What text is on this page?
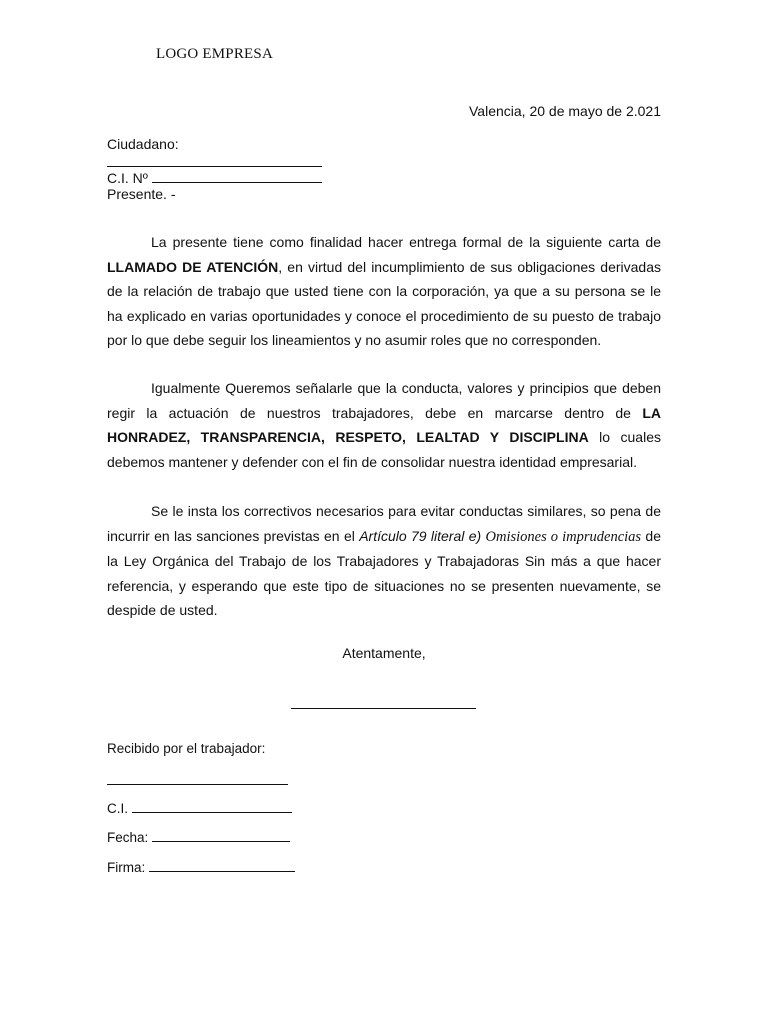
LOGO EMPRESA
Valencia, 20 de mayo de 2.021
Ciudadano:
C.I. Nº
Presente. -

La presente tiene como finalidad hacer entrega formal de la siguiente carta de LLAMADO DE ATENCIÓN, en virtud del incumplimiento de sus obligaciones derivadas de la relación de trabajo que usted tiene con la corporación, ya que a su persona se le ha explicado en varias oportunidades y conoce el procedimiento de su puesto de trabajo por lo que debe seguir los lineamientos y no asumir roles que no corresponden.

Igualmente Queremos señalarle que la conducta, valores y principios que deben regir la actuación de nuestros trabajadores, debe en marcarse dentro de LA HONRADEZ, TRANSPARENCIA, RESPETO, LEALTAD Y DISCIPLINA lo cuales debemos mantener y defender con el fin de consolidar nuestra identidad empresarial.

Se le insta los correctivos necesarios para evitar conductas similares, so pena de incurrir en las sanciones previstas en el Artículo 79 literal e) Omisiones o imprudencias de la Ley Orgánica del Trabajo de los Trabajadores y Trabajadoras Sin más a que hacer referencia, y esperando que este tipo de situaciones no se presenten nuevamente, se despide de usted.

Atentamente,
Recibido por el trabajador:
C.I.
Fecha:
Firma:
